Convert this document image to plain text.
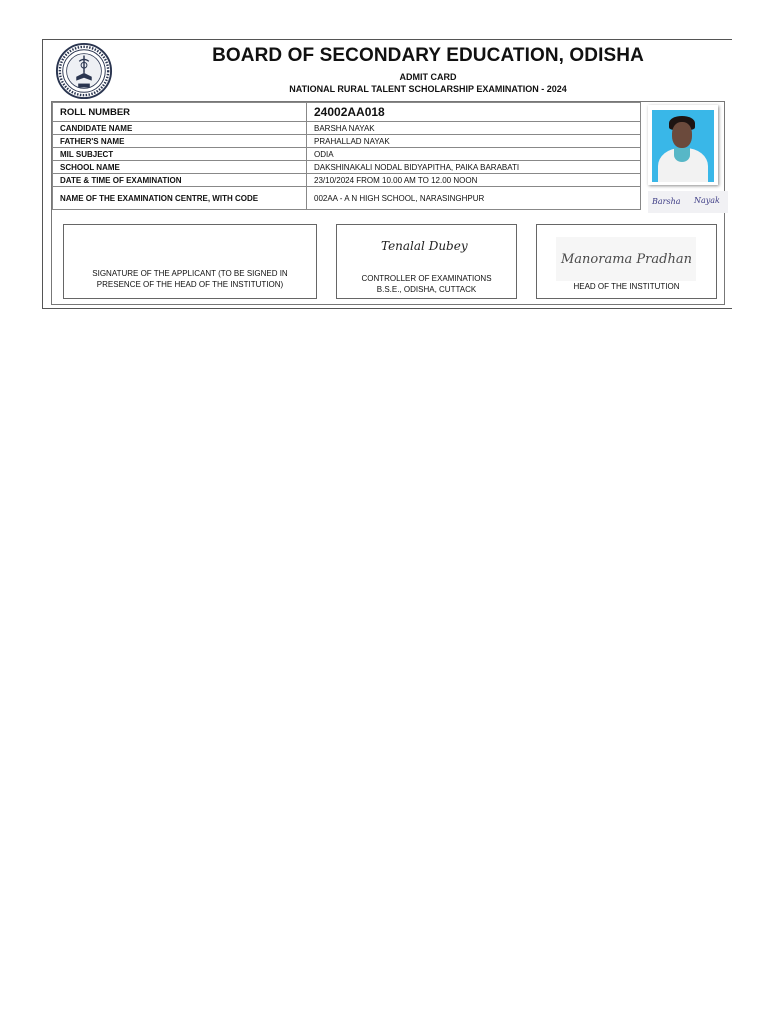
BOARD OF SECONDARY EDUCATION, ODISHA
ADMIT CARD
NATIONAL RURAL TALENT SCHOLARSHIP EXAMINATION - 2024
ROLL NUMBER	24002AA018
CANDIDATE NAME	BARSHA NAYAK
FATHER'S NAME	PRAHALLAD NAYAK
MIL SUBJECT	ODIA
SCHOOL NAME	DAKSHINAKALI NODAL BIDYAPITHA, PAIKA BARABATI
DATE & TIME OF EXAMINATION	23/10/2024 FROM 10.00 AM TO 12.00 NOON
NAME OF THE EXAMINATION CENTRE, WITH CODE	002AA - A N HIGH SCHOOL, NARASINGHPUR	Barsha Nayak
SIGNATURE OF THE APPLICANT (TO BE SIGNED IN
PRESENCE OF THE HEAD OF THE INSTITUTION)
Tenalal Dubey
CONTROLLER OF EXAMINATIONS
B.S.E., ODISHA, CUTTACK
Manorama Pradhan
HEAD OF THE INSTITUTION
